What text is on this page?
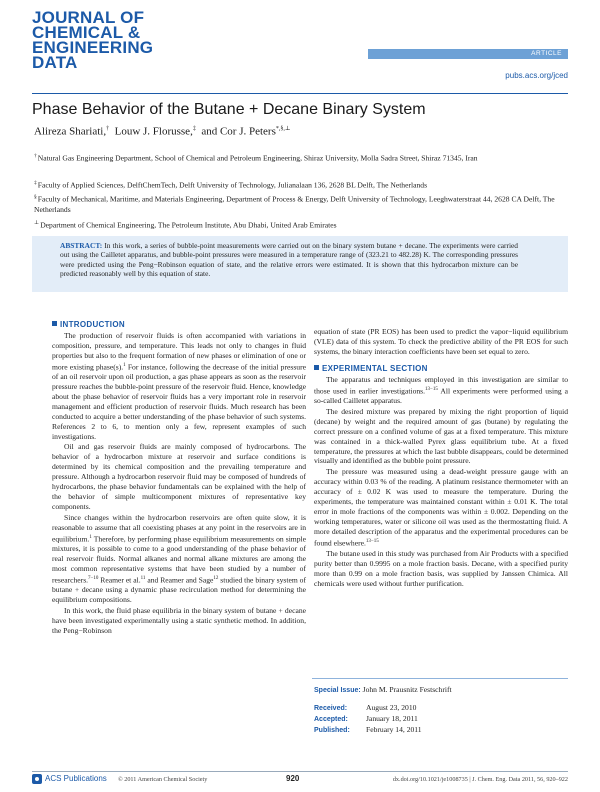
JOURNAL OF
CHEMICAL &
ENGINEERING
DATA	ARTICLE
pubs.acs.org/jced
Phase Behavior of the Butane + Decane Binary System
Alireza Shariati,† Louw J. Florusse,‡ and Cor J. Peters*,§,⊥
†Natural Gas Engineering Department, School of Chemical and Petroleum Engineering, Shiraz University, Molla Sadra Street, Shiraz 71345, Iran
‡Faculty of Applied Sciences, DelftChemTech, Delft University of Technology, Julianalaan 136, 2628 BL Delft, The Netherlands
§Faculty of Mechanical, Maritime, and Materials Engineering, Department of Process & Energy, Delft University of Technology, Leeghwaterstraat 44, 2628 CA Delft, The Netherlands
⊥Department of Chemical Engineering, The Petroleum Institute, Abu Dhabi, United Arab Emirates
ABSTRACT: In this work, a series of bubble-point measurements were carried out on the binary system butane + decane. The experiments were carried out using the Cailletet apparatus, and bubble-point pressures were measured in a temperature range of (323.21 to 482.28) K. The corresponding pressures were predicted using the Peng−Robinson equation of state, and the relative errors were estimated. It is shown that this hydrocarbon mixture can be predicted reasonably well by this equation of state.

INTRODUCTION

The production of reservoir fluids is often accompanied with variations in composition, pressure, and temperature. This leads not only to changes in fluid properties but also to the frequent formation of new phases or elimination of one or more existing phase(s).$^1$ For instance, following the decrease of the initial pressure of an oil reservoir upon oil production, a gas phase appears as soon as the reservoir pressure reaches the bubble-point pressure of the reservoir fluid. Hence, knowledge about the phase behavior of reservoir fluids has a very important role in reservoir management and efficient production of reservoir fluids. Much research has been conducted to acquire a better understanding of the phase behavior of such systems. References 2 to 6, to mention only a few, represent examples of such investigations.

Oil and gas reservoir fluids are mainly composed of hydrocarbons. The behavior of a hydrocarbon mixture at reservoir and surface conditions is determined by its chemical composition and the prevailing temperature and pressure. Although a hydrocarbon reservoir fluid may be composed of hundreds of hydrocarbons, the phase behavior fundamentals can be explained with the help of the behavior of simple multicomponent mixtures of representative key components.

Since changes within the hydrocarbon reservoirs are often quite slow, it is reasonable to assume that all coexisting phases at any point in the reservoirs are in equilibrium.$^1$ Therefore, by performing phase equilibrium measurements on simple mixtures, it is possible to come to a good understanding of the phase behavior of real reservoir fluids. Normal alkanes and normal alkane mixtures are among the most common representative systems that have been studied by a number of researchers.$^{7-10}$ Reamer et al.$^{11}$ and Reamer and Sage$^{12}$ studied the binary system of butane + decane using a dynamic phase recirculation method for determining the equilibrium compositions.

In this work, the fluid phase equilibria in the binary system of butane + decane have been investigated experimentally using a static synthetic method. In addition, the Peng−Robinson

equation of state (PR EOS) has been used to predict the vapor−liquid equilibrium (VLE) data of this system. To check the predictive ability of the PR EOS for such systems, the binary interaction coefficients have been set equal to zero.

EXPERIMENTAL SECTION

The apparatus and techniques employed in this investigation are similar to those used in earlier investigations.$^{13-15}$ All experiments were performed using a so-called Cailletet apparatus.

The desired mixture was prepared by mixing the right proportion of liquid (decane) by weight and the required amount of gas (butane) by regulating the correct pressure on a confined volume of gas at a fixed temperature. This mixture was contained in a thick-walled Pyrex glass equilibrium tube. At a fixed temperature, the pressures at which the last bubble disappears, could be determined visually and identified as the bubble point pressure.

The pressure was measured using a dead-weight pressure gauge with an accuracy within 0.03 % of the reading. A platinum resistance thermometer with an accuracy of ± 0.02 K was used to measure the temperature. During the experiments, the temperature was maintained constant within ± 0.01 K. The total error in mole fractions of the components was within ± 0.002. Depending on the working temperatures, water or silicone oil was used as the thermostatting fluid. A more detailed description of the apparatus and the experimental procedures can be found elsewhere.$^{13-15}$

The butane used in this study was purchased from Air Products with a specified purity better than 0.9995 on a mole fraction basis. Decane, with a specified purity more than 0.99 on a mole fraction basis, was supplied by Janssen Chimica. All chemicals were used without further purification.

Special Issue: John M. Prausnitz Festschrift
Received: August 23, 2010
Accepted: January 18, 2011
Published: February 14, 2011
ACS Publications © 2011 American Chemical Society	920	dx.doi.org/10.1021/je1008735 | J. Chem. Eng. Data 2011, 56, 920–922
